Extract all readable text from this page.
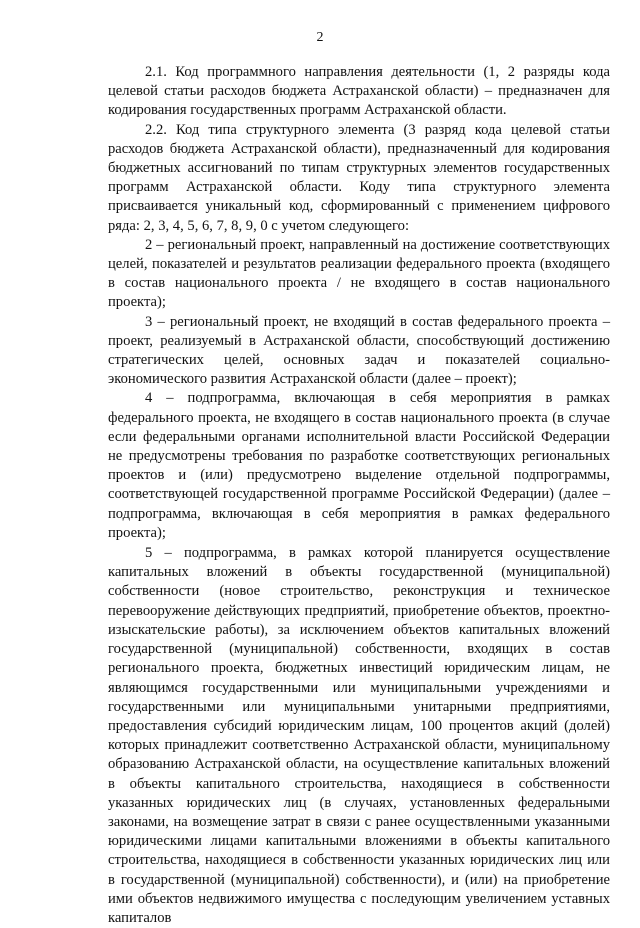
2

2.1. Код программного направления деятельности (1, 2 разряды кода целевой статьи расходов бюджета Астраханской области) – предназначен для кодирования государственных программ Астраханской области.

2.2. Код типа структурного элемента (3 разряд кода целевой статьи расходов бюджета Астраханской области), предназначенный для кодирования бюджетных ассигнований по типам структурных элементов государственных программ Астраханской области. Коду типа структурного элемента присваивается уникальный код, сформированный с применением цифрового ряда: 2, 3, 4, 5, 6, 7, 8, 9, 0 с учетом следующего:

2 – региональный проект, направленный на достижение соответствующих целей, показателей и результатов реализации федерального проекта (входящего в состав национального проекта / не входящего в состав национального проекта);

3 – региональный проект, не входящий в состав федерального проекта – проект, реализуемый в Астраханской области, способствующий достижению стратегических целей, основных задач и показателей социально-экономического развития Астраханской области (далее – проект);

4 – подпрограмма, включающая в себя мероприятия в рамках федерального проекта, не входящего в состав национального проекта (в случае если федеральными органами исполнительной власти Российской Федерации не предусмотрены требования по разработке соответствующих региональных проектов и (или) предусмотрено выделение отдельной подпрограммы, соответствующей государственной программе Российской Федерации) (далее – подпрограмма, включающая в себя мероприятия в рамках федерального проекта);

5 – подпрограмма, в рамках которой планируется осуществление капитальных вложений в объекты государственной (муниципальной) собственности (новое строительство, реконструкция и техническое перевооружение действующих предприятий, приобретение объектов, проектно-изыскательские работы), за исключением объектов капитальных вложений государственной (муниципальной) собственности, входящих в состав регионального проекта, бюджетных инвестиций юридическим лицам, не являющимся государственными или муниципальными учреждениями и государственными или муниципальными унитарными предприятиями, предоставления субсидий юридическим лицам, 100 процентов акций (долей) которых принадлежит соответственно Астраханской области, муниципальному образованию Астраханской области, на осуществление капитальных вложений в объекты капитального строительства, находящиеся в собственности указанных юридических лиц (в случаях, установленных федеральными законами, на возмещение затрат в связи с ранее осуществленными указанными юридическими лицами капитальными вложениями в объекты капитального строительства, находящиеся в собственности указанных юридических лиц или в государственной (муниципальной) собственности), и (или) на приобретение ими объектов недвижимого имущества с последующим увеличением уставных капиталов
